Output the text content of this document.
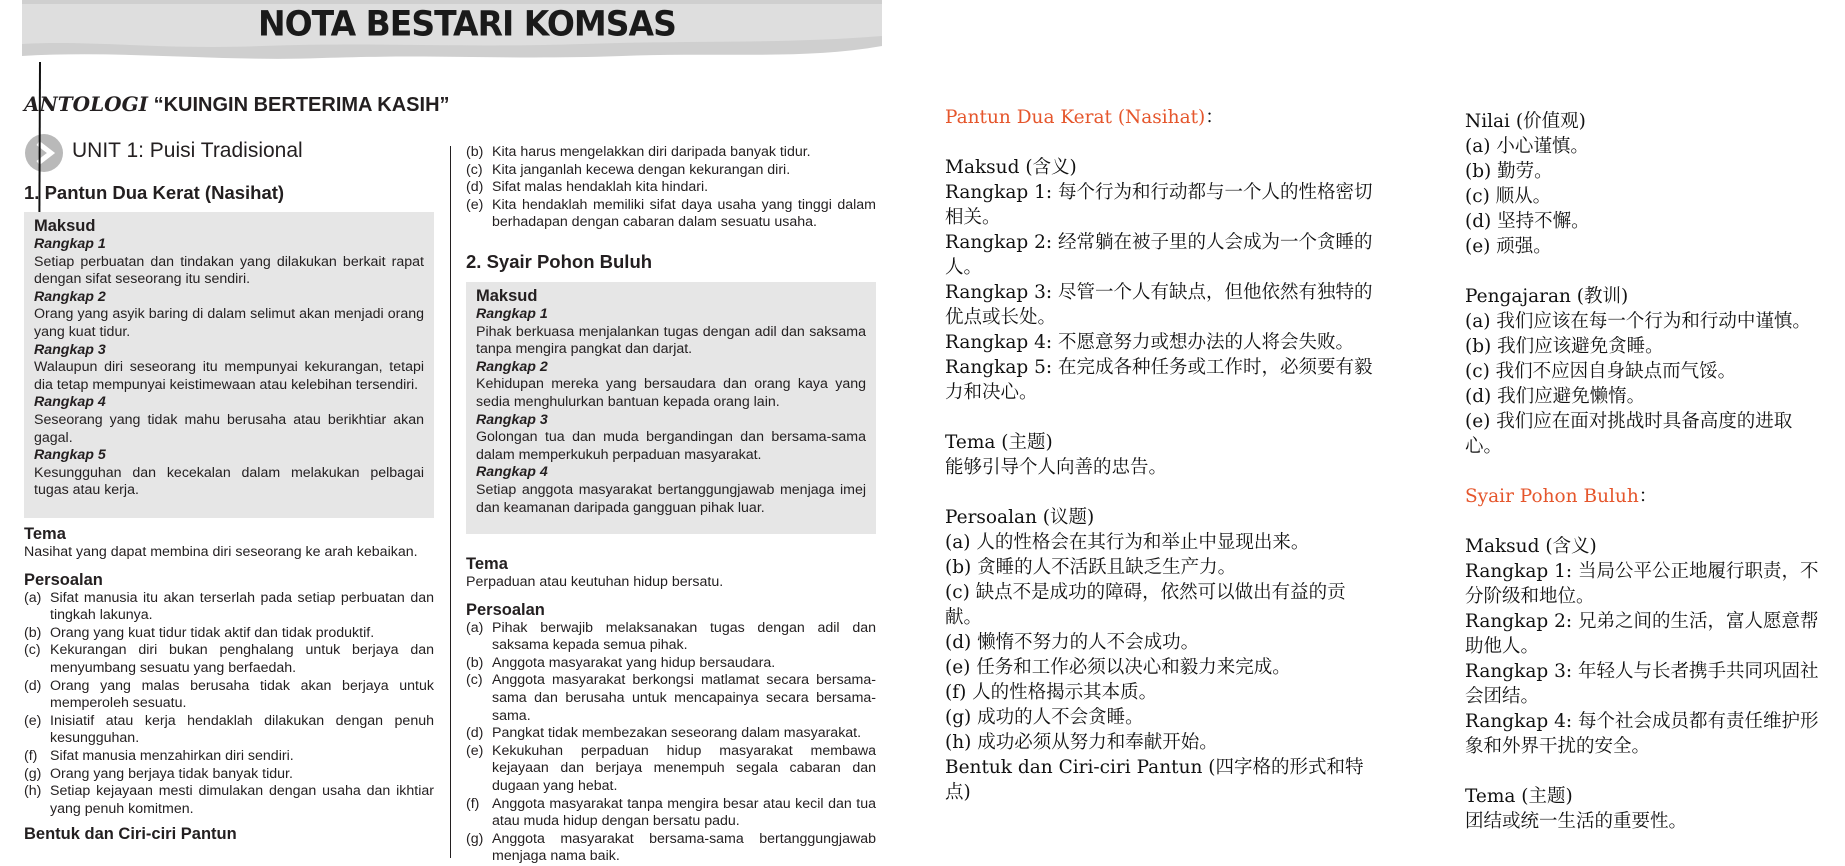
NOTA BESTARI KOMSAS
ANTOLOGI “KUINGIN BERTERIMA KASIH”
UNIT 1: Puisi Tradisional
1. Pantun Dua Kerat (Nasihat)
Maksud
Rangkap 1
Setiap perbuatan dan tindakan yang dilakukan berkait rapat dengan sifat seseorang itu sendiri.
Rangkap 2
Orang yang asyik baring di dalam selimut akan menjadi orang yang kuat tidur.
Rangkap 3
Walaupun diri seseorang itu mempunyai kekurangan, tetapi dia tetap mempunyai keistimewaan atau kelebihan tersendiri.
Rangkap 4
Seseorang yang tidak mahu berusaha atau berikhtiar akan gagal.
Rangkap 5
Kesungguhan dan kecekalan dalam melakukan pelbagai tugas atau kerja.
Tema
Nasihat yang dapat membina diri seseorang ke arah kebaikan.
Persoalan
(a) Sifat manusia itu akan terserlah pada setiap perbuatan dan tingkah lakunya.
(b) Orang yang kuat tidur tidak aktif dan tidak produktif.
(c) Kekurangan diri bukan penghalang untuk berjaya dan menyumbang sesuatu yang berfaedah.
(d) Orang yang malas berusaha tidak akan berjaya untuk memperoleh sesuatu.
(e) Inisiatif atau kerja hendaklah dilakukan dengan penuh kesungguhan.
(f) Sifat manusia menzahirkan diri sendiri.
(g) Orang yang berjaya tidak banyak tidur.
(h) Setiap kejayaan mesti dimulakan dengan usaha dan ikhtiar yang penuh komitmen.
Bentuk dan Ciri-ciri Pantun
(b) Kita harus mengelakkan diri daripada banyak tidur.
(c) Kita janganlah kecewa dengan kekurangan diri.
(d) Sifat malas hendaklah kita hindari.
(e) Kita hendaklah memiliki sifat daya usaha yang tinggi dalam berhadapan dengan cabaran dalam sesuatu usaha.
2. Syair Pohon Buluh
Maksud
Rangkap 1
Pihak berkuasa menjalankan tugas dengan adil dan saksama tanpa mengira pangkat dan darjat.
Rangkap 2
Kehidupan mereka yang bersaudara dan orang kaya yang sedia menghulurkan bantuan kepada orang lain.
Rangkap 3
Golongan tua dan muda bergandingan dan bersama-sama dalam memperkukuh perpaduan masyarakat.
Rangkap 4
Setiap anggota masyarakat bertanggungjawab menjaga imej dan keamanan daripada gangguan pihak luar.
Tema
Perpaduan atau keutuhan hidup bersatu.
Persoalan
(a) Pihak berwajib melaksanakan tugas dengan adil dan saksama kepada semua pihak.
(b) Anggota masyarakat yang hidup bersaudara.
(c) Anggota masyarakat berkongsi matlamat secara bersama-sama dan berusaha untuk mencapainya secara bersama-sama.
(d) Pangkat tidak membezakan seseorang dalam masyarakat.
(e) Kekukuhan perpaduan hidup masyarakat membawa kejayaan dan berjaya menempuh segala cabaran dan dugaan yang hebat.
(f) Anggota masyarakat tanpa mengira besar atau kecil dan tua atau muda hidup dengan bersatu padu.
(g) Anggota masyarakat bersama-sama bertanggungjawab menjaga nama baik.
Pantun Dua Kerat (Nasihat)：
Maksud (含义)
Rangkap 1: 每个行为和行动都与一个人的性格密切相关。
Rangkap 2: 经常躺在被子里的人会成为一个贪睡的人。
Rangkap 3: 尽管一个人有缺点，但他依然有独特的优点或长处。
Rangkap 4: 不愿意努力或想办法的人将会失败。
Rangkap 5: 在完成各种任务或工作时，必须要有毅力和决心。
Tema (主题)
能够引导个人向善的忠告。
Persoalan (议题)
(a) 人的性格会在其行为和举止中显现出来。
(b) 贪睡的人不活跃且缺乏生产力。
(c) 缺点不是成功的障碍，依然可以做出有益的贡献。
(d) 懒惰不努力的人不会成功。
(e) 任务和工作必须以决心和毅力来完成。
(f) 人的性格揭示其本质。
(g) 成功的人不会贪睡。
(h) 成功必须从努力和奉献开始。
Bentuk dan Ciri-ciri Pantun (四字格的形式和特点)
Nilai (价值观)
(a) 小心谨慎。
(b) 勤劳。
(c) 顺从。
(d) 坚持不懈。
(e) 顽强。
Pengajaran (教训)
(a) 我们应该在每一个行为和行动中谨慎。
(b) 我们应该避免贪睡。
(c) 我们不应因自身缺点而气馁。
(d) 我们应避免懒惰。
(e) 我们应在面对挑战时具备高度的进取心。
Syair Pohon Buluh：
Maksud (含义)
Rangkap 1: 当局公平公正地履行职责，不分阶级和地位。
Rangkap 2: 兄弟之间的生活，富人愿意帮助他人。
Rangkap 3: 年轻人与长者携手共同巩固社会团结。
Rangkap 4: 每个社会成员都有责任维护形象和外界干扰的安全。
Tema (主题)
团结或统一生活的重要性。
